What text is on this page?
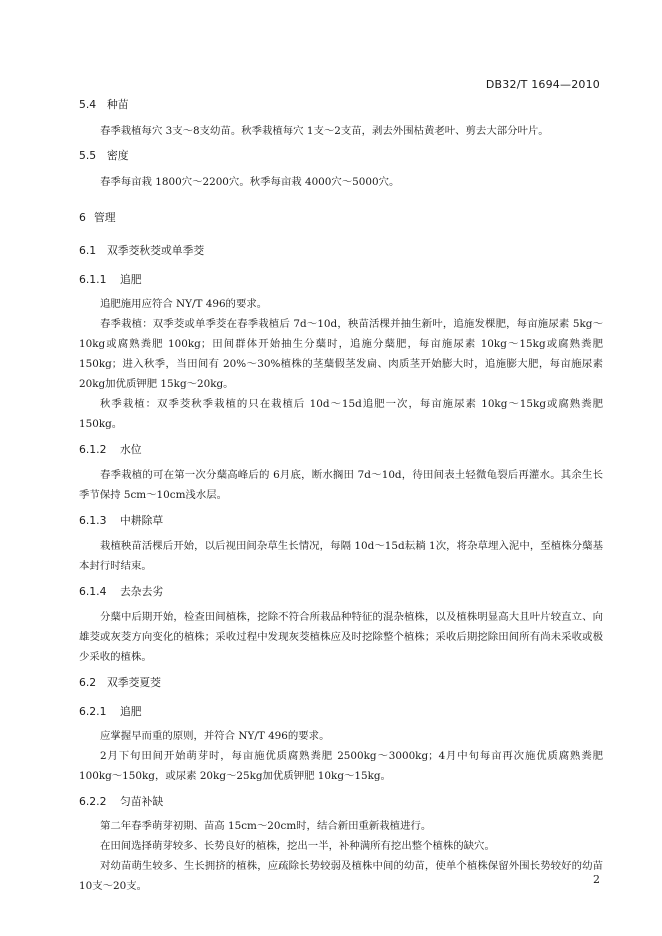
DB32/T 1694—2010
5.4 种苗

春季栽植每穴 3支～8支幼苗。秋季栽植每穴 1支～2支苗，剥去外围枯黄老叶、剪去大部分叶片。

5.5 密度

春季每亩栽 1800穴～2200穴。秋季每亩栽 4000穴～5000穴。

6 管理
6.1 双季茭秋茭或单季茭
6.1.1 追肥

追肥施用应符合 NY/T 496的要求。

春季栽植：双季茭或单季茭在春季栽植后 7d～10d，秧苗活棵并抽生新叶，追施发棵肥，每亩施尿素 5kg～10kg或腐熟粪肥 100kg；田间群体开始抽生分蘖时，追施分蘖肥，每亩施尿素 10kg～15kg或腐熟粪肥 150kg；进入秋季，当田间有 20%～30%植株的茎蘖假茎发扁、肉质茎开始膨大时，追施膨大肥，每亩施尿素 20kg加优质钾肥 15kg～20kg。

秋季栽植：双季茭秋季栽植的只在栽植后 10d～15d追肥一次，每亩施尿素 10kg～15kg或腐熟粪肥 150kg。

6.1.2 水位

春季栽植的可在第一次分蘖高峰后的 6月底，断水搁田 7d～10d，待田间表土轻微龟裂后再灌水。其余生长季节保持 5cm～10cm浅水层。

6.1.3 中耕除草

栽植秧苗活棵后开始，以后视田间杂草生长情况，每隔 10d～15d耘耥 1次，将杂草埋入泥中，至植株分蘖基本封行时结束。

6.1.4 去杂去劣

分蘖中后期开始，检查田间植株，挖除不符合所栽品种特征的混杂植株，以及植株明显高大且叶片较直立、向雄茭或灰茭方向变化的植株；采收过程中发现灰茭植株应及时挖除整个植株；采收后期挖除田间所有尚未采收或极少采收的植株。

6.2 双季茭夏茭
6.2.1 追肥

应掌握早而重的原则，并符合 NY/T 496的要求。

2月下旬田间开始萌芽时，每亩施优质腐熟粪肥 2500kg～3000kg；4月中旬每亩再次施优质腐熟粪肥 100kg～150kg，或尿素 20kg～25kg加优质钾肥 10kg～15kg。

6.2.2 匀苗补缺

第二年春季萌芽初期、苗高 15cm～20cm时，结合新田重新栽植进行。

在田间选择萌芽较多、长势良好的植株，挖出一半，补种满所有挖出整个植株的缺穴。

对幼苗萌生较多、生长拥挤的植株，应疏除长势较弱及植株中间的幼苗，使单个植株保留外围长势较好的幼苗 10支～20支。	2
